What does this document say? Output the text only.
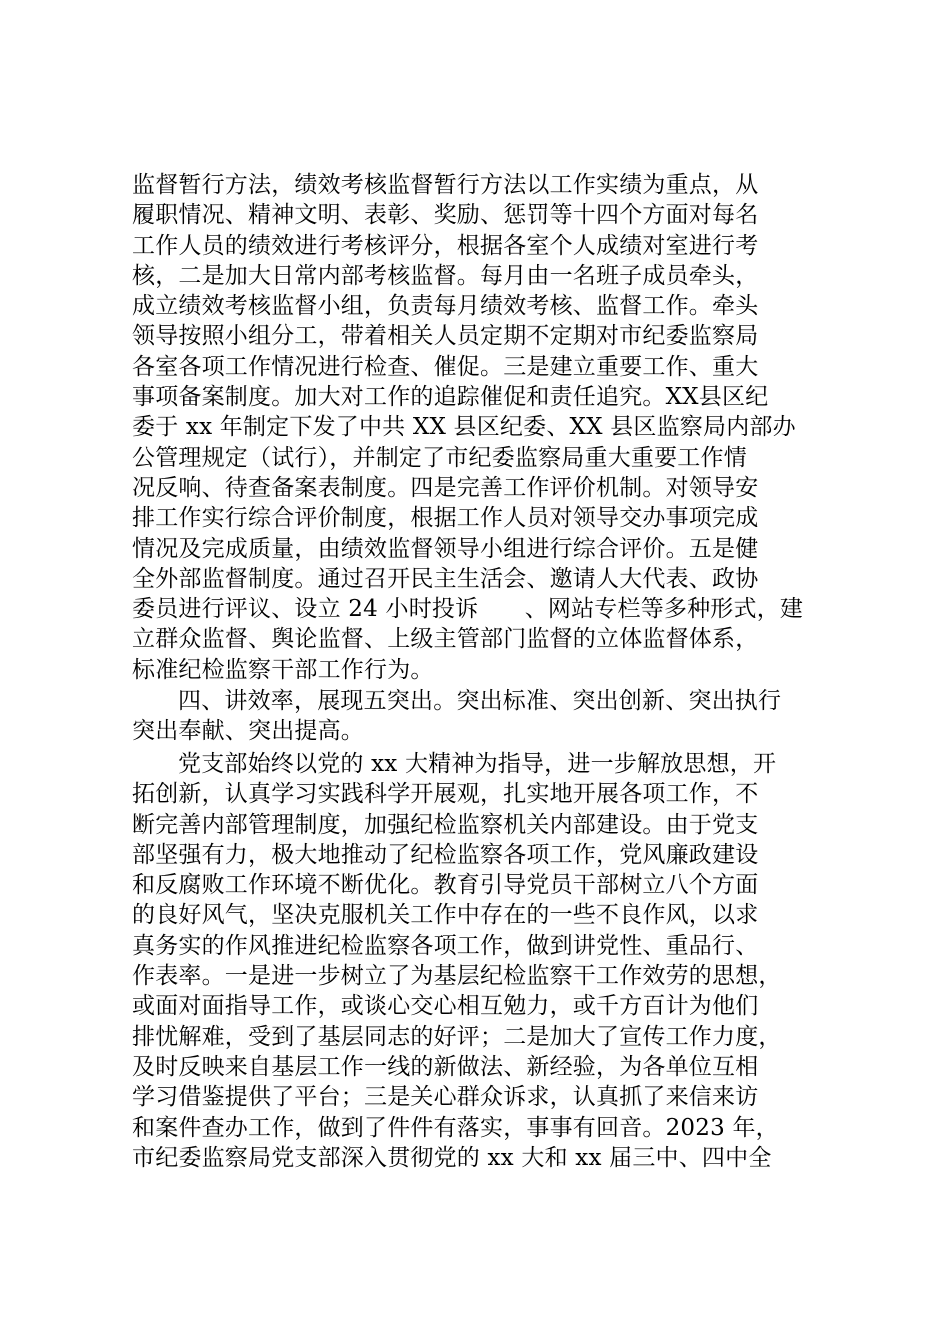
监督暂行方法，绩效考核监督暂行方法以工作实绩为重点，从
履职情况、精神文明、表彰、奖励、惩罚等十四个方面对每名
工作人员的绩效进行考核评分，根据各室个人成绩对室进行考
核，二是加大日常内部考核监督。每月由一名班子成员牵头，
成立绩效考核监督小组，负责每月绩效考核、监督工作。牵头
领导按照小组分工，带着相关人员定期不定期对市纪委监察局
各室各项工作情况进行检查、催促。三是建立重要工作、重大
事项备案制度。加大对工作的追踪催促和责任追究。XX县区纪
委于 xx 年制定下发了中共 XX 县区纪委、XX 县区监察局内部办
公管理规定（试行），并制定了市纪委监察局重大重要工作情
况反响、待查备案表制度。四是完善工作评价机制。对领导安
排工作实行综合评价制度，根据工作人员对领导交办事项完成
情况及完成质量，由绩效监督领导小组进行综合评价。五是健
全外部监督制度。通过召开民主生活会、邀请人大代表、政协
委员进行评议、设立 24 小时投诉　　、网站专栏等多种形式，建
立群众监督、舆论监督、上级主管部门监督的立体监督体系，
标准纪检监察干部工作行为。
四、讲效率，展现五突出。突出标准、突出创新、突出执行
突出奉献、突出提高。
党支部始终以党的 xx 大精神为指导，进一步解放思想，开
拓创新，认真学习实践科学开展观，扎实地开展各项工作，不
断完善内部管理制度，加强纪检监察机关内部建设。由于党支
部坚强有力，极大地推动了纪检监察各项工作，党风廉政建设
和反腐败工作环境不断优化。教育引导党员干部树立八个方面
的良好风气，坚决克服机关工作中存在的一些不良作风，以求
真务实的作风推进纪检监察各项工作，做到讲党性、重品行、
作表率。一是进一步树立了为基层纪检监察干工作效劳的思想，
或面对面指导工作，或谈心交心相互勉力，或千方百计为他们
排忧解难，受到了基层同志的好评；二是加大了宣传工作力度，
及时反映来自基层工作一线的新做法、新经验，为各单位互相
学习借鉴提供了平台；三是关心群众诉求，认真抓了来信来访
和案件查办工作，做到了件件有落实，事事有回音。2023 年，
市纪委监察局党支部深入贯彻党的 xx 大和 xx 届三中、四中全
